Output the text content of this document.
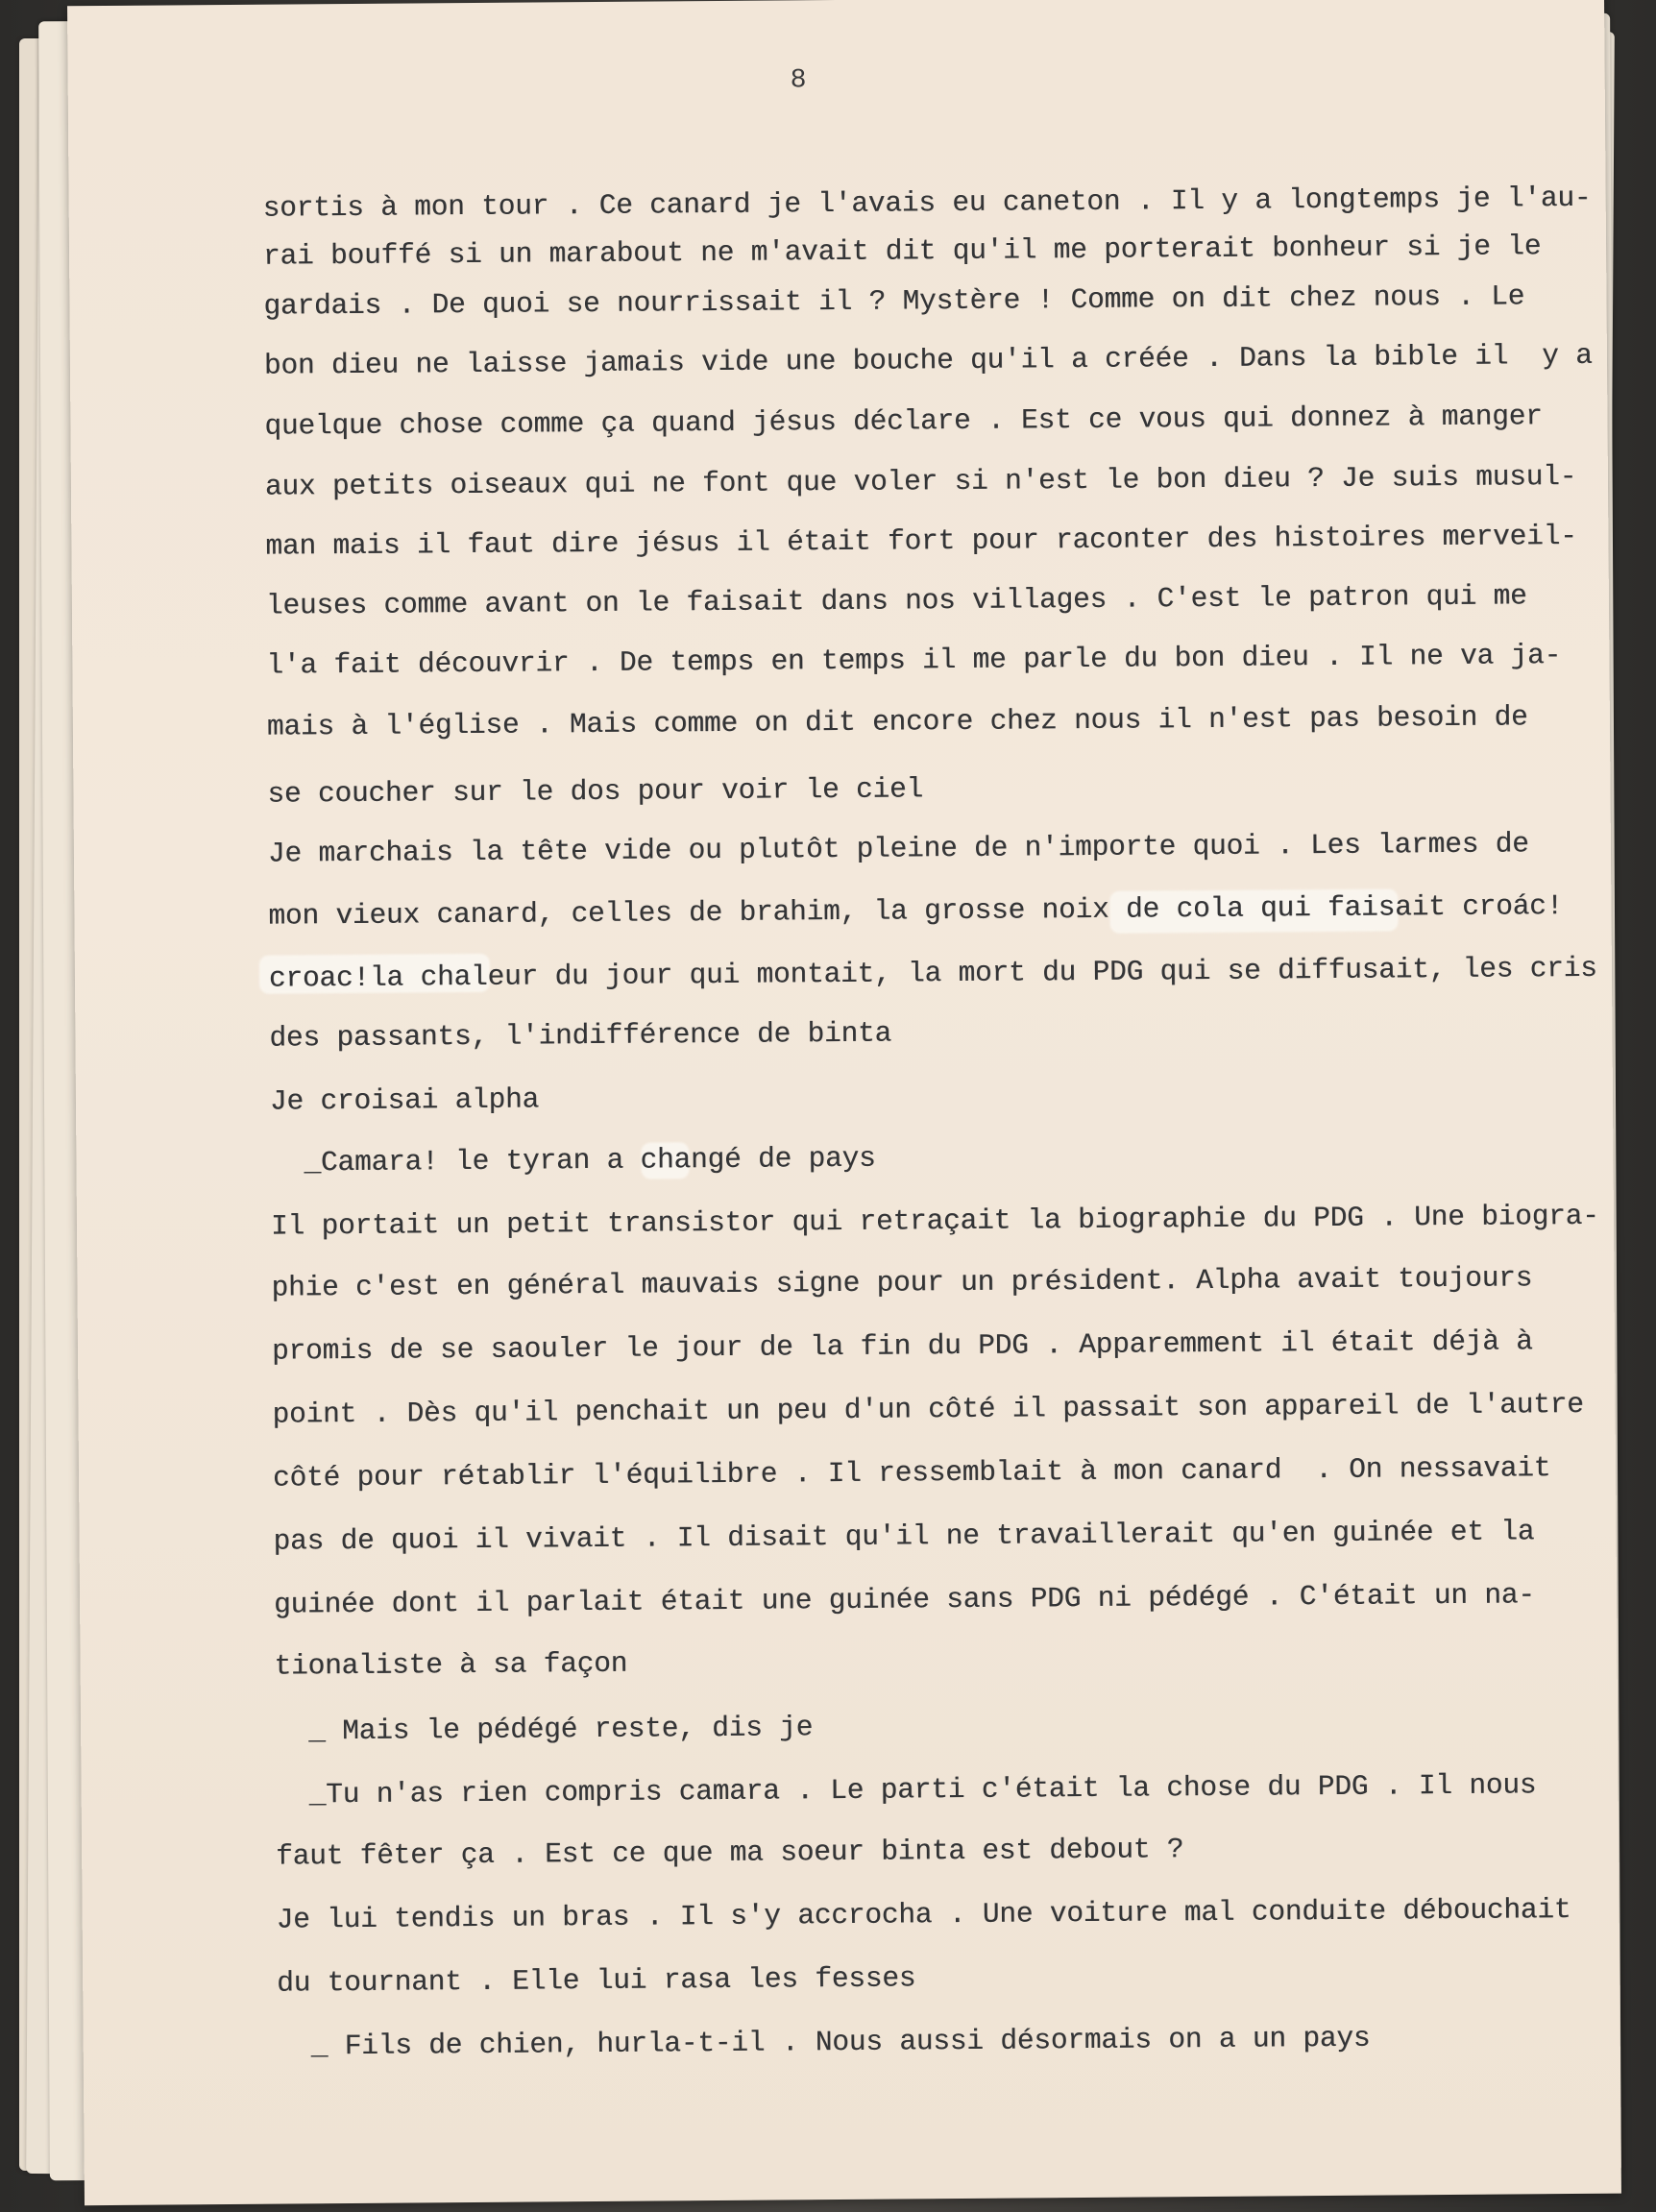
8
sortis à mon tour . Ce canard je l'avais eu caneton . Il y a longtemps je l'au-
rai bouffé si un marabout ne m'avait dit qu'il me porterait bonheur si je le
gardais . De quoi se nourrissait il ? Mystère ! Comme on dit chez nous . Le
bon dieu ne laisse jamais vide une bouche qu'il a créée . Dans la bible il  y a
quelque chose comme ça quand jésus déclare . Est ce vous qui donnez à manger
aux petits oiseaux qui ne font que voler si n'est le bon dieu ? Je suis musul-
man mais il faut dire jésus il était fort pour raconter des histoires merveil-
leuses comme avant on le faisait dans nos villages . C'est le patron qui me
l'a fait découvrir . De temps en temps il me parle du bon dieu . Il ne va ja-
mais à l'église . Mais comme on dit encore chez nous il n'est pas besoin de
se coucher sur le dos pour voir le ciel
Je marchais la tête vide ou plutôt pleine de n'importe quoi . Les larmes de
mon vieux canard, celles de brahim, la grosse noix de cola qui faisait croác!
croac!la chaleur du jour qui montait, la mort du PDG qui se diffusait, les cris
des passants, l'indifférence de binta
Je croisai alpha
_Camara! le tyran a changé de pays
Il portait un petit transistor qui retraçait la biographie du PDG . Une biogra-
phie c'est en général mauvais signe pour un président. Alpha avait toujours
promis de se saouler le jour de la fin du PDG . Apparemment il était déjà à
point . Dès qu'il penchait un peu d'un côté il passait son appareil de l'autre
côté pour rétablir l'équilibre . Il ressemblait à mon canard  . On nessavait
pas de quoi il vivait . Il disait qu'il ne travaillerait qu'en guinée et la
guinée dont il parlait était une guinée sans PDG ni pédégé . C'était un na-
tionaliste à sa façon
_ Mais le pédégé reste, dis je
_Tu n'as rien compris camara . Le parti c'était la chose du PDG . Il nous
faut fêter ça . Est ce que ma soeur binta est debout ?
Je lui tendis un bras . Il s'y accrocha . Une voiture mal conduite débouchait
du tournant . Elle lui rasa les fesses
_ Fils de chien, hurla-t-il . Nous aussi désormais on a un pays
